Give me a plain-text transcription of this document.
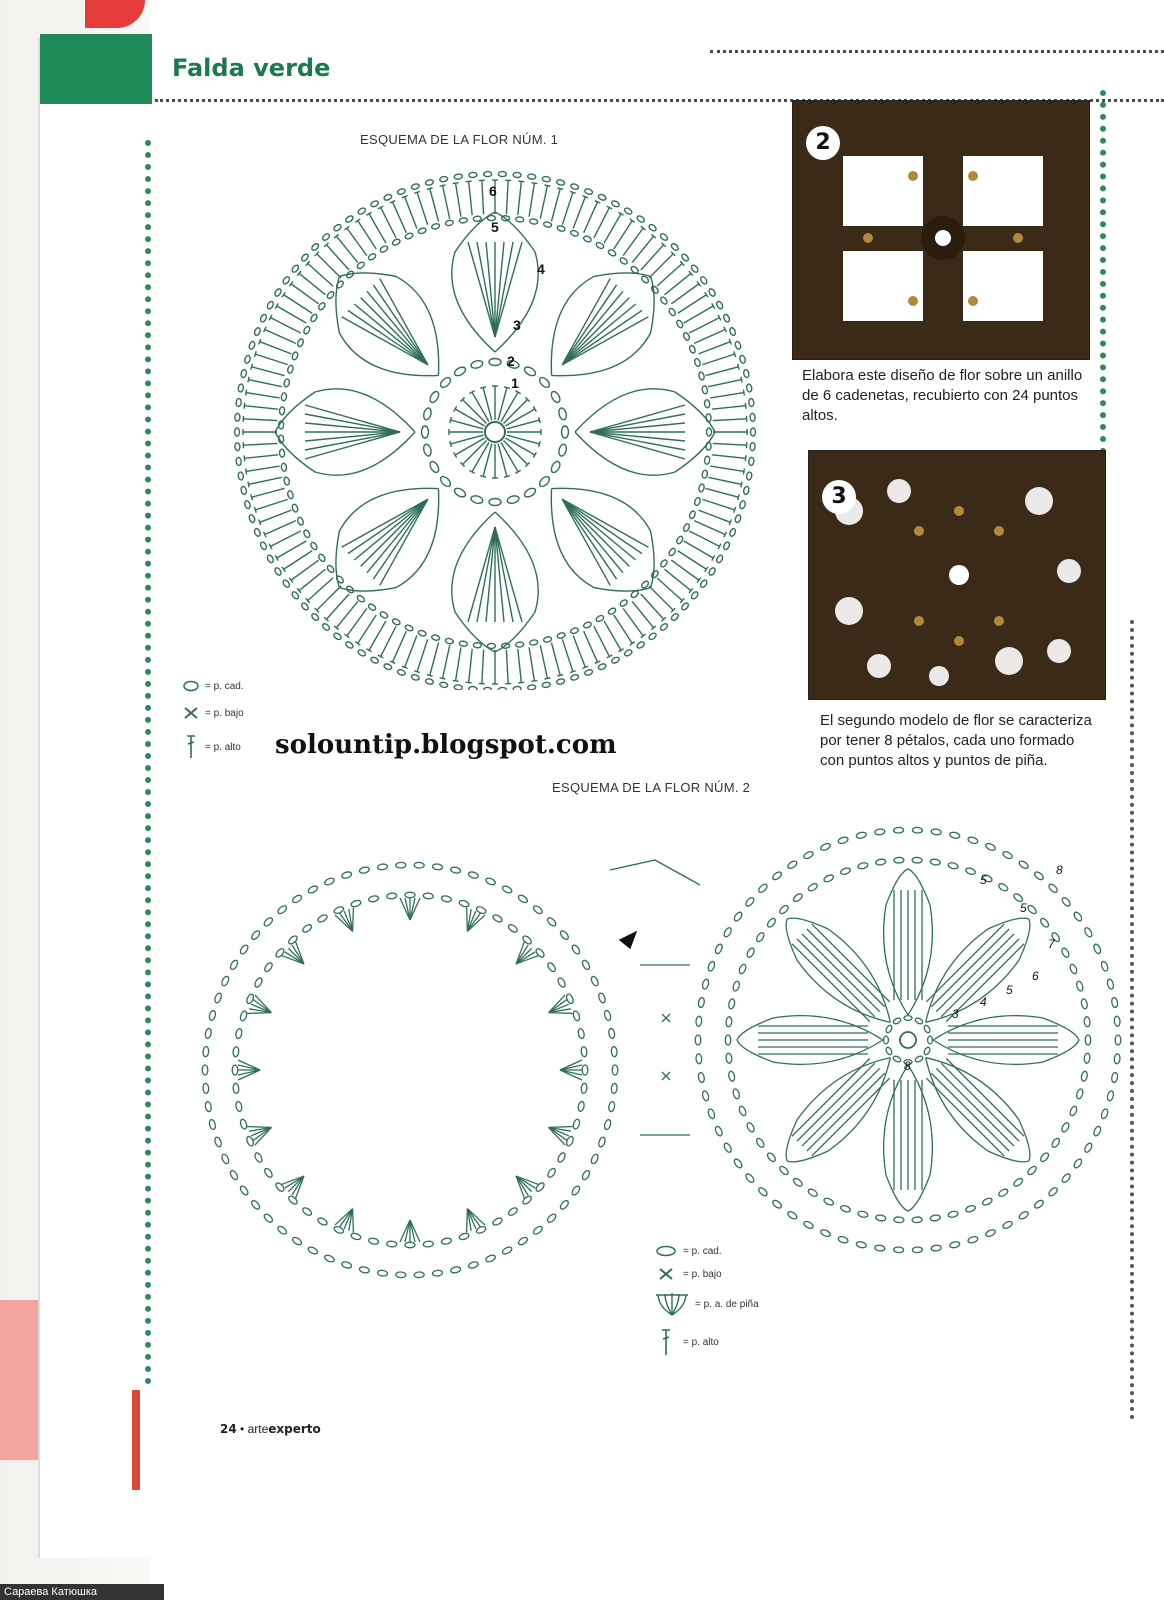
Falda verde
ESQUEMA DE LA FLOR NÚM. 1
1
2
3
4
5
6
= p. cad.
= p. bajo
= p. alto
2
Elabora este diseño de flor sobre un anillo de 6 cadenetas, recubierto con 24 puntos altos.
3
El segundo modelo de flor se caracteriza por tener 8 pétalos, cada uno formado con puntos altos y puntos de piña.
solountip.blogspot.com
ESQUEMA DE LA FLOR NÚM. 2
3
4
5
6
7
5
5
8
8
= p. cad.
= p. bajo
= p. a. de piña
= p. alto
24 • arteexperto
Сараева Катюшка
